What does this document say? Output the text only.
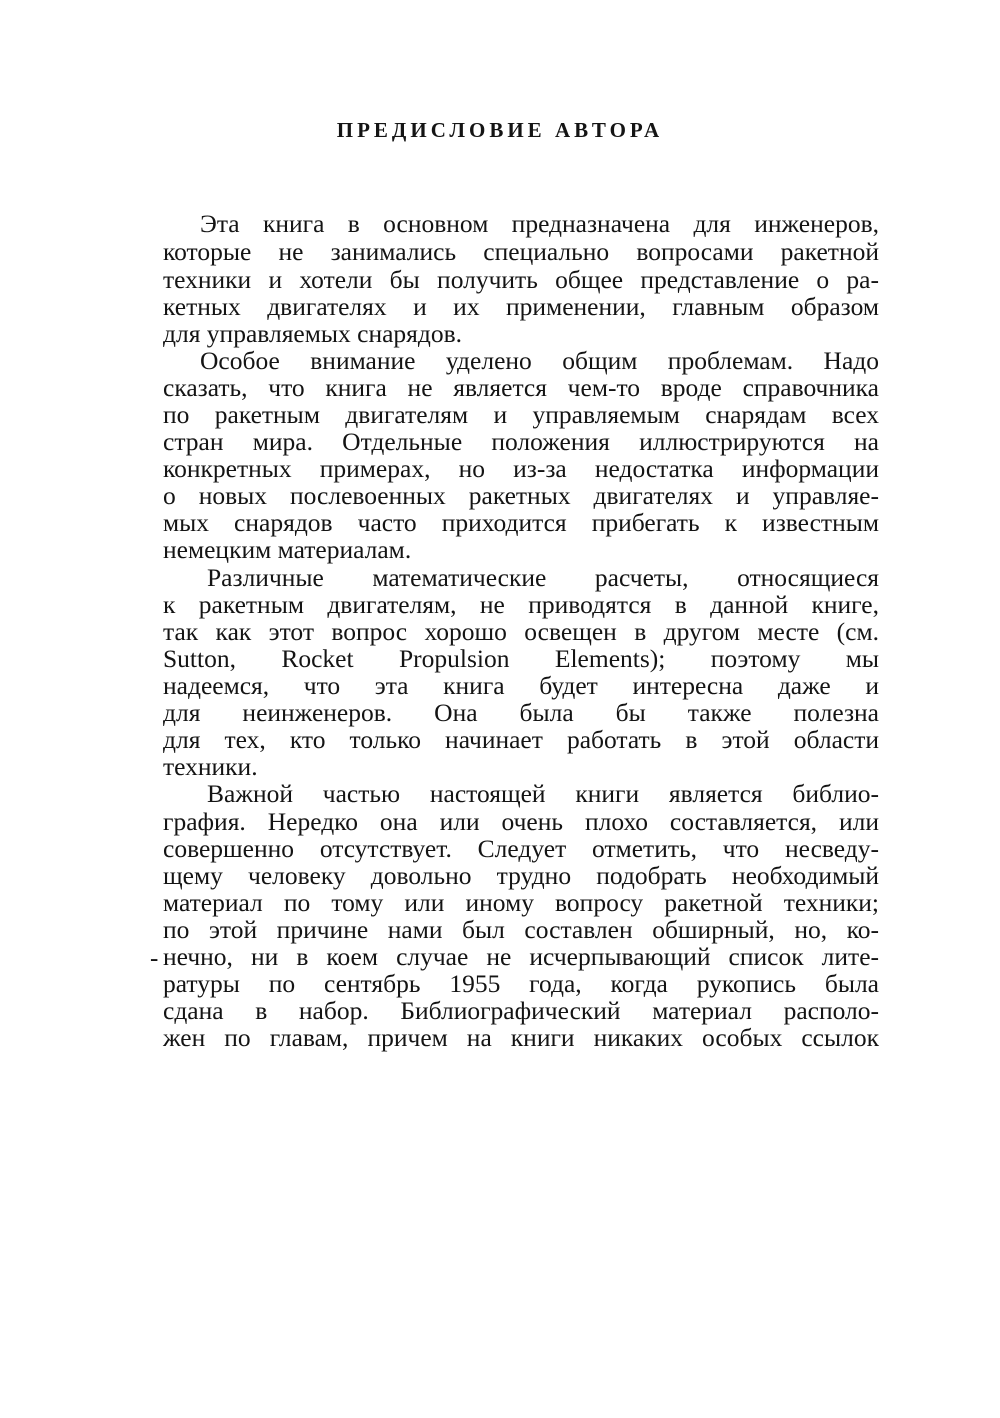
ПРЕДИСЛОВИЕ АВТОРА
-
Эта книга в основном предназначена для инженеров,
которые не занимались специально вопросами ракетной
техники и хотели бы получить общее представление о ра-
кетных двигателях и их применении, главным образом
для управляемых снарядов.
Особое внимание уделено общим проблемам. Надо
сказать, что книга не является чем-то вроде справочника
по ракетным двигателям и управляемым снарядам всех
стран мира. Отдельные положения иллюстрируются на
конкретных примерах, но из-за недостатка информации
о новых послевоенных ракетных двигателях и управляе-
мых снарядов часто приходится прибегать к известным
немецким материалам.
Различные математические расчеты, относящиеся
к ракетным двигателям, не приводятся в данной книге,
так как этот вопрос хорошо освещен в другом месте (см.
Sutton, Rocket Propulsion Elements); поэтому мы
надеемся, что эта книга будет интересна даже и
для неинженеров. Она была бы также полезна
для тех, кто только начинает работать в этой области
техники.
Важной частью настоящей книги является библио-
графия. Нередко она или очень плохо составляется, или
совершенно отсутствует. Следует отметить, что несведу-
щему человеку довольно трудно подобрать необходимый
материал по тому или иному вопросу ракетной техники;
по этой причине нами был составлен обширный, но, ко-
нечно, ни в коем случае не исчерпывающий список лите-
ратуры по сентябрь 1955 года, когда рукопись была
сдана в набор. Библиографический материал располо-
жен по главам, причем на книги никаких особых ссылок
